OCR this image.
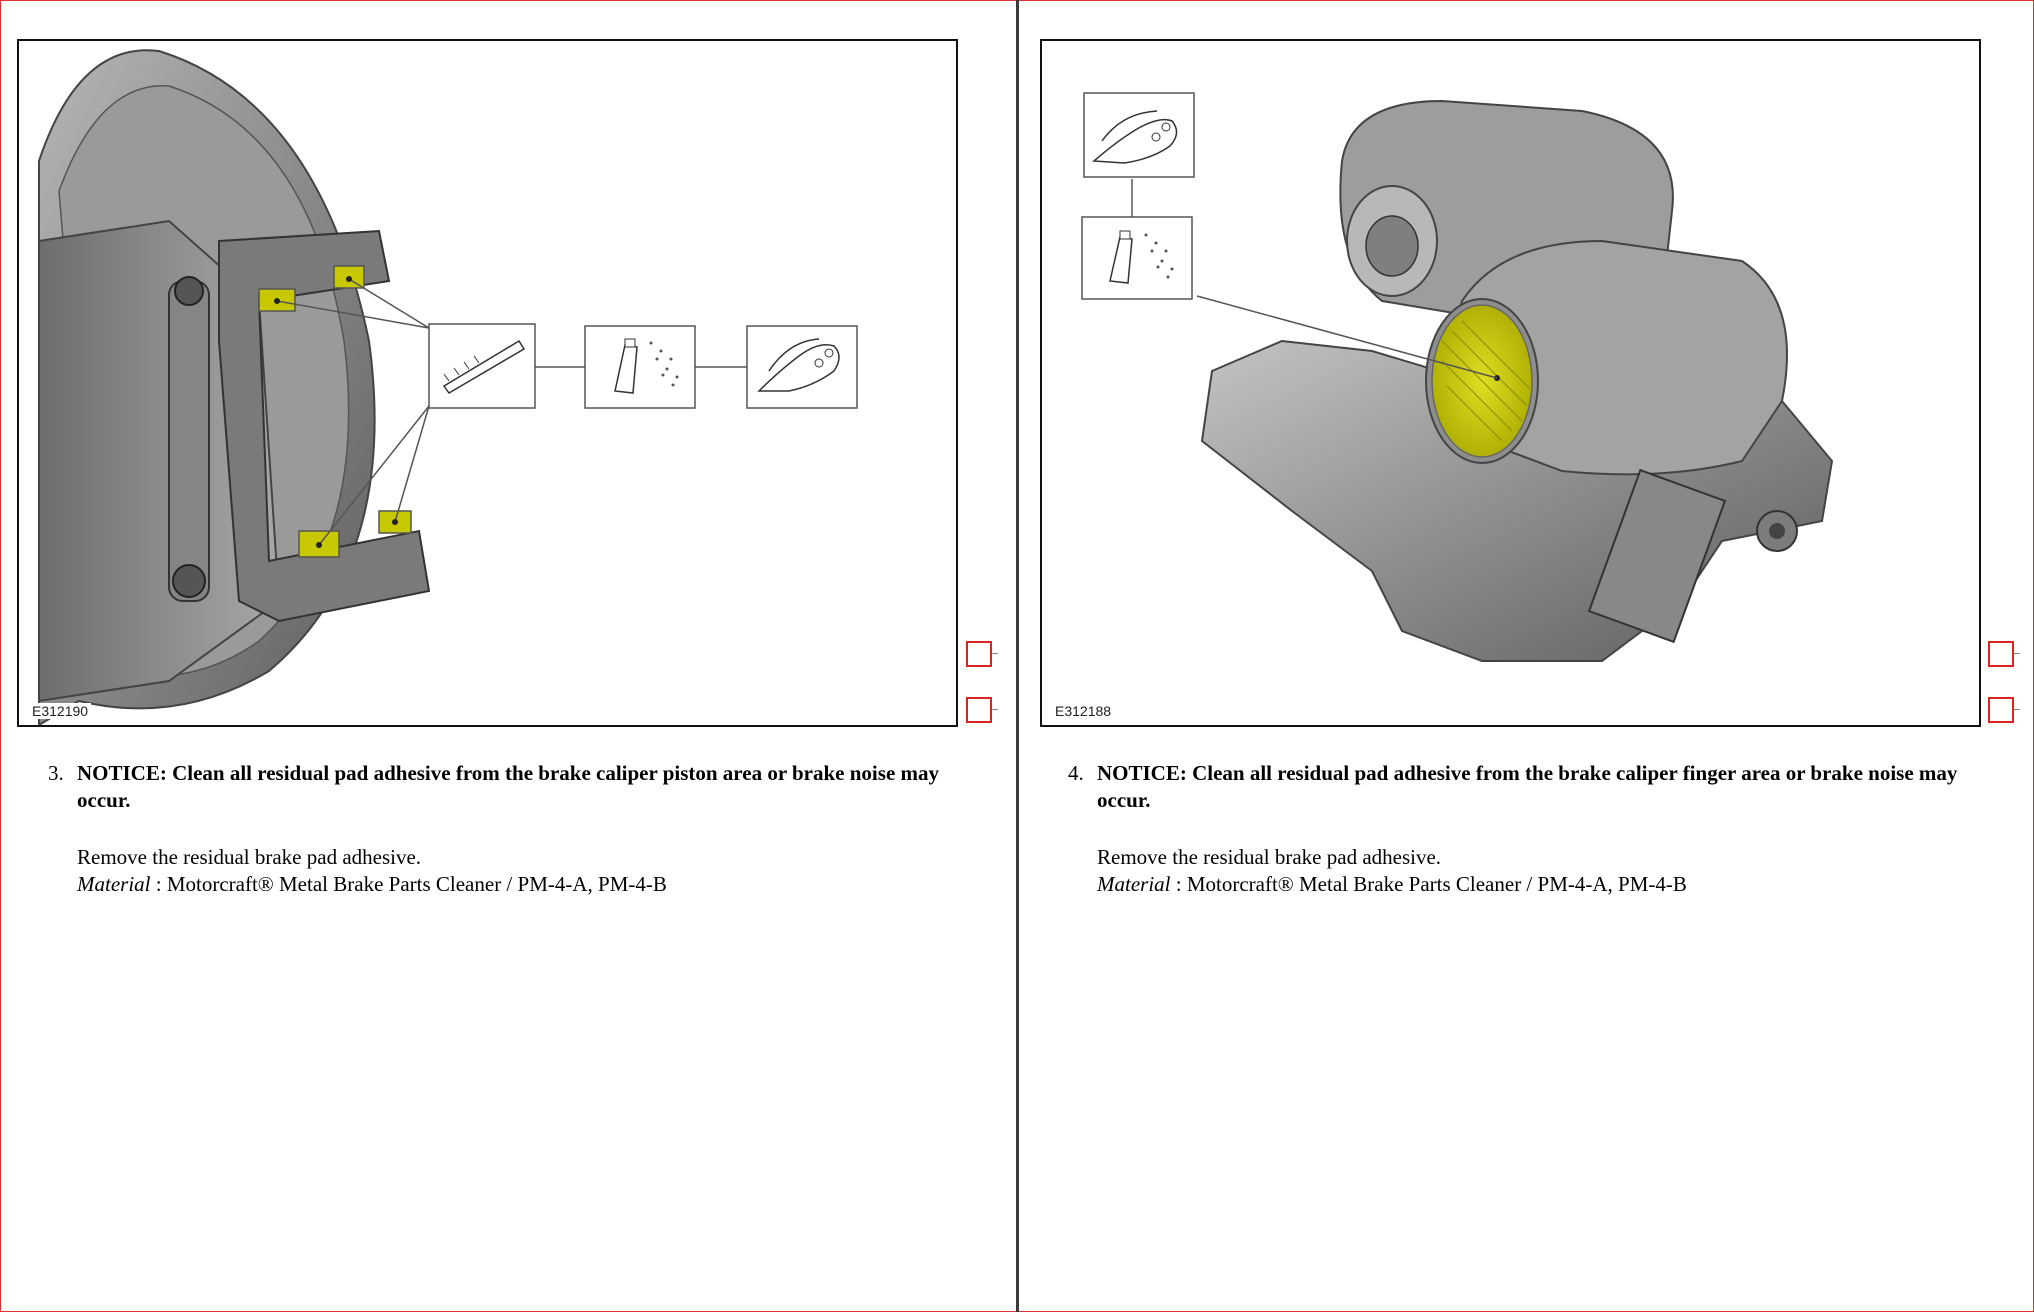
E312190
3. NOTICE: Clean all residual pad adhesive from the brake caliper piston area or brake noise may occur.
Remove the residual brake pad adhesive.
Material : Motorcraft® Metal Brake Parts Cleaner / PM-4-A, PM-4-B
E312188
4. NOTICE: Clean all residual pad adhesive from the brake caliper finger area or brake noise may occur.
Remove the residual brake pad adhesive.
Material : Motorcraft® Metal Brake Parts Cleaner / PM-4-A, PM-4-B
